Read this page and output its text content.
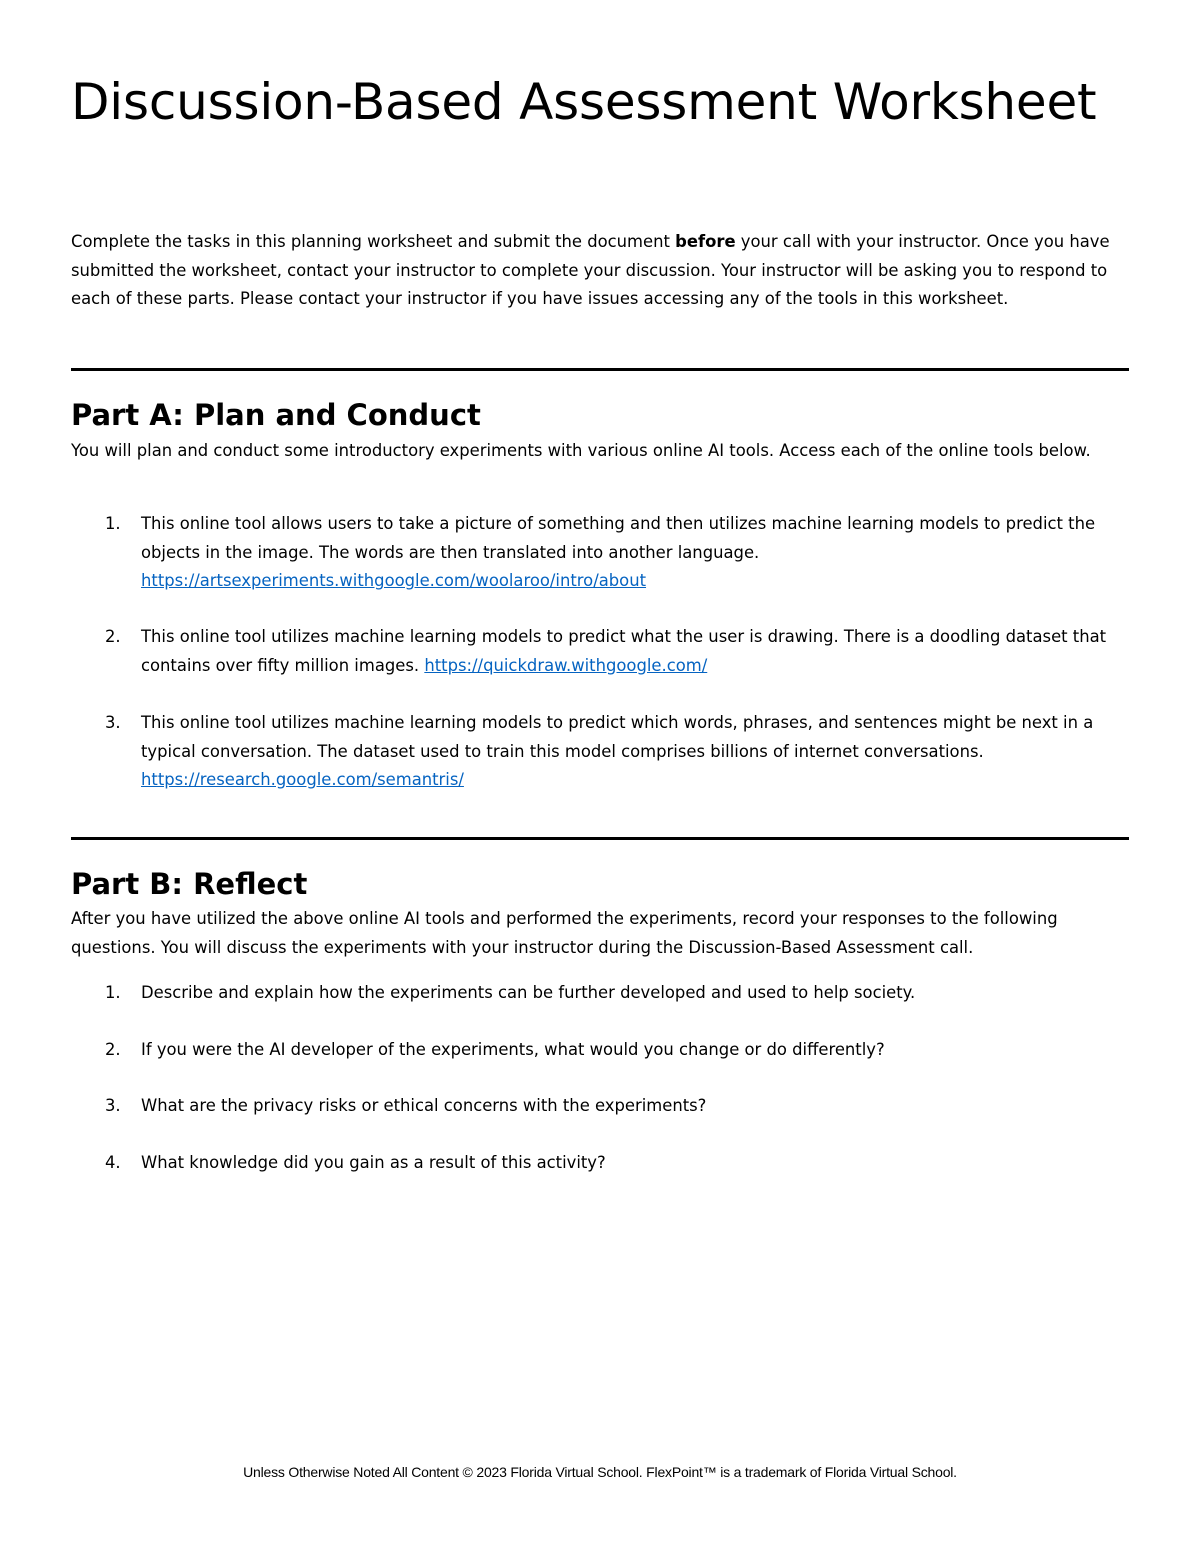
Discussion-Based Assessment Worksheet

Complete the tasks in this planning worksheet and submit the document before your call with your instructor. Once you have submitted the worksheet, contact your instructor to complete your discussion. Your instructor will be asking you to respond to each of these parts. Please contact your instructor if you have issues accessing any of the tools in this worksheet.

Part A: Plan and Conduct

You will plan and conduct some introductory experiments with various online AI tools. Access each of the online tools below.

1. This online tool allows users to take a picture of something and then utilizes machine learning models to predict the objects in the image. The words are then translated into another language. https://artsexperiments.withgoogle.com/woolaroo/intro/about
2. This online tool utilizes machine learning models to predict what the user is drawing. There is a doodling dataset that contains over fifty million images. https://quickdraw.withgoogle.com/
3. This online tool utilizes machine learning models to predict which words, phrases, and sentences might be next in a typical conversation. The dataset used to train this model comprises billions of internet conversations. https://research.google.com/semantris/
Part B: Reflect

After you have utilized the above online AI tools and performed the experiments, record your responses to the following questions. You will discuss the experiments with your instructor during the Discussion-Based Assessment call.

1. Describe and explain how the experiments can be further developed and used to help society.
2. If you were the AI developer of the experiments, what would you change or do differently?
3. What are the privacy risks or ethical concerns with the experiments?
4. What knowledge did you gain as a result of this activity?
Unless Otherwise Noted All Content © 2023 Florida Virtual School. FlexPoint™ is a trademark of Florida Virtual School.
